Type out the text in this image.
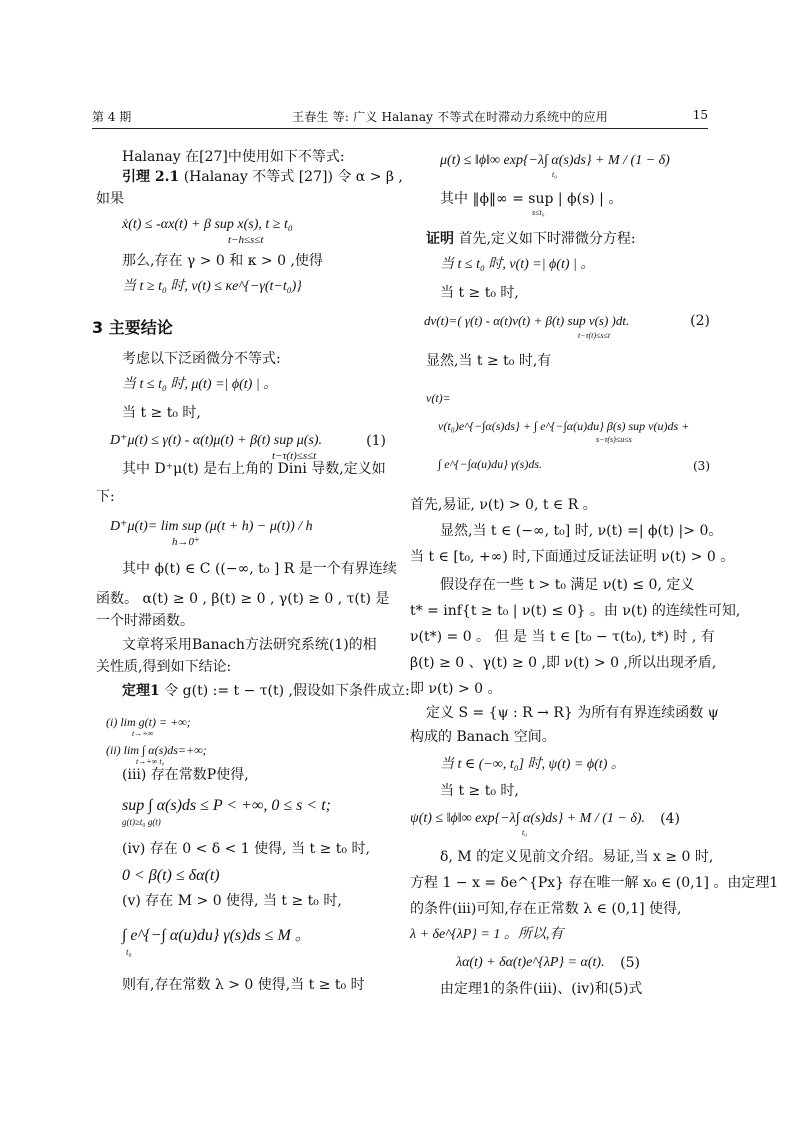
第 4 期	王春生 等: 广义 Halanay 不等式在时滞动力系统中的应用	15
Halanay 在[27]中使用如下不等式:
引理 2.1 (Halanay 不等式 [27]) 令 α > β ,
如果
ẋ(t) ≤ -αx(t) + β sup x(s), t ≥ t₀
t−h≤s≤t
那么,存在 γ > 0 和 κ > 0 ,使得
当 t ≥ t₀ 时, ν(t) ≤ κe^{−γ(t−t₀)}
3 主要结论
考虑以下泛函微分不等式:
当 t ≤ t₀ 时, μ(t) =| ϕ(t) | 。
当 t ≥ t₀ 时,
D⁺μ(t) ≤ γ(t) - α(t)μ(t) + β(t) sup μ(s).
t−τ(t)≤s≤t
(1)
其中 D⁺μ(t) 是右上角的 Dini 导数,定义如
下:
D⁺μ(t)= lim sup (μ(t + h) − μ(t)) / h
h→0⁺
其中 ϕ(t) ∈ C ((−∞, t₀ ] R 是一个有界连续
函数。 α(t) ≥ 0 , β(t) ≥ 0 , γ(t) ≥ 0 , τ(t) 是
一个时滞函数。
文章将采用Banach方法研究系统(1)的相
关性质,得到如下结论:
定理1 令 g(t) := t − τ(t) ,假设如下条件成立:
(i) lim g(t) = +∞;
t→+∞
(ii) lim ∫ α(s)ds=+∞;
t→+∞ t₀
(iii) 存在常数P使得,
sup ∫ α(s)ds ≤ P < +∞, 0 ≤ s < t;
g(t)≥t₀ g(t)
(iv) 存在 0 < δ < 1 使得, 当 t ≥ t₀ 时,
0 < β(t) ≤ δα(t)
(v) 存在 M > 0 使得, 当 t ≥ t₀ 时,
∫ e^{−∫ α(u)du} γ(s)ds ≤ M 。
t₀
则有,存在常数 λ > 0 使得,当 t ≥ t₀ 时
μ(t) ≤ ‖ϕ‖∞ exp{−λ∫ α(s)ds} + M / (1 − δ)
t₀
其中 ‖ϕ‖∞ = sup | ϕ(s) | 。
s≤t₀
证明 首先,定义如下时滞微分方程:
当 t ≤ t₀ 时, ν(t) =| ϕ(t) | 。
当 t ≥ t₀ 时,
dν(t)=( γ(t) - α(t)ν(t) + β(t) sup ν(s) )dt.
t−τ(t)≤s≤t
(2)
显然,当 t ≥ t₀ 时,有
ν(t)=
ν(t₀)e^{−∫α(s)ds} + ∫ e^{−∫α(u)du} β(s) sup ν(u)ds +
s−τ(s)≤u≤s
∫ e^{−∫α(u)du} γ(s)ds.	(3)
首先,易证, ν(t) > 0, t ∈ R 。
显然,当 t ∈ (−∞, t₀] 时, ν(t) =| ϕ(t) |> 0。
当 t ∈ [t₀, +∞) 时,下面通过反证法证明 ν(t) > 0 。
假设存在一些 t > t₀ 满足 ν(t) ≤ 0, 定义
t* = inf{t ≥ t₀ | ν(t) ≤ 0} 。由 ν(t) 的连续性可知,
ν(t*) = 0 。 但 是 当 t ∈ [t₀ − τ(t₀), t*) 时 , 有
β(t) ≥ 0 、γ(t) ≥ 0 ,即 ν(t) > 0 ,所以出现矛盾,
即 ν(t) > 0 。
定义 S = {ψ : R → R} 为所有有界连续函数 ψ
构成的 Banach 空间。
当 t ∈ (−∞, t₀] 时, ψ(t) = ϕ(t) 。
当 t ≥ t₀ 时,
ψ(t) ≤ ‖ϕ‖∞ exp{−λ∫ α(s)ds} + M / (1 − δ).
t₀
(4)
δ, M 的定义见前文介绍。易证,当 x ≥ 0 时,
方程 1 − x = δe^{Px} 存在唯一解 x₀ ∈ (0,1] 。由定理1
的条件(iii)可知,存在正常数 λ ∈ (0,1] 使得,
λ + δe^{λP} = 1 。所以,有
λα(t) + δα(t)e^{λP} = α(t). (5)
由定理1的条件(iii)、(iv)和(5)式
